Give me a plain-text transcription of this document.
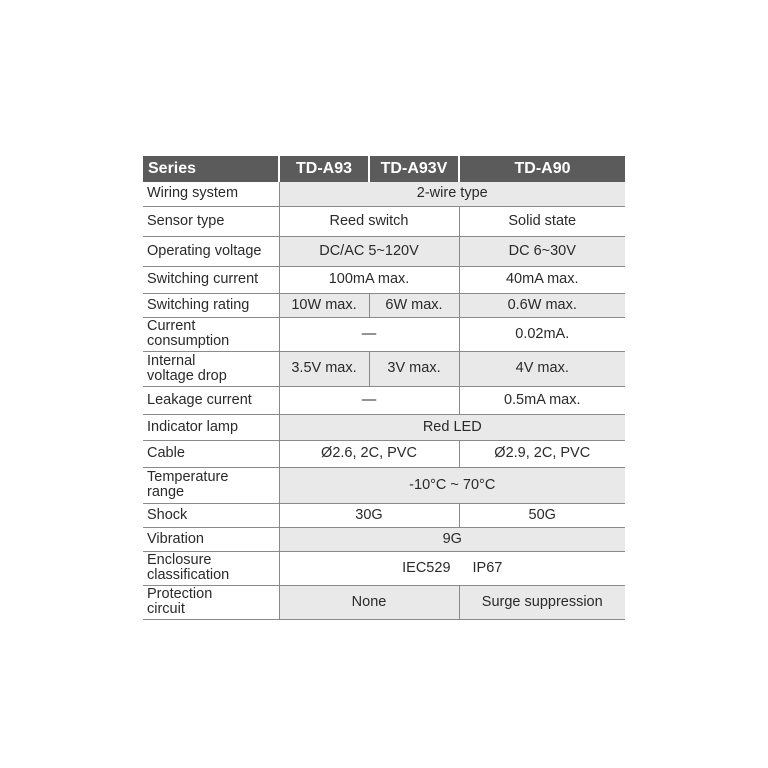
Series	TD-A93	TD-A93V	TD-A90
Wiring system	2-wire type		
Sensor type	Reed switch		Solid state
Operating voltage	DC/AC 5~120V		DC 6~30V
Switching current	100mA max.		40mA max.
Switching rating	10W max.	6W max.	0.6W max.
Current
consumption	—		0.02mA.
Internal
voltage drop	3.5V max.	3V max.	4V max.
Leakage current	—		0.5mA max.
Indicator lamp	Red LED		
Cable	Ø2.6, 2C, PVC		Ø2.9, 2C, PVC
Temperature
range	-10°C ~ 70°C		
Shock	30G		50G
Vibration	9G		
Enclosure
classification	IEC529 IP67		
Protection
circuit	None		Surge suppression
